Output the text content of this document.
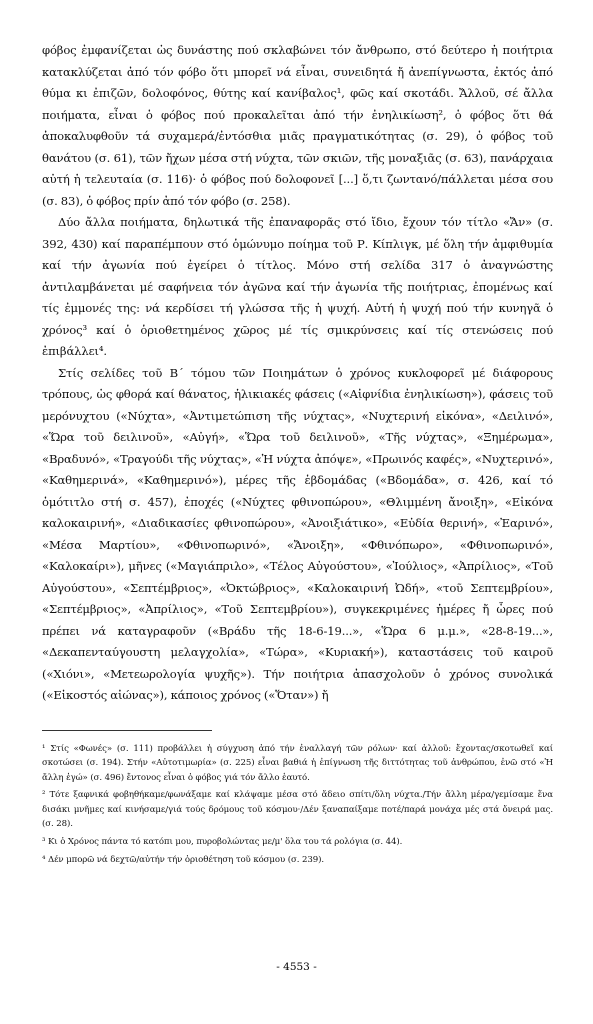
φόβος ἐμφανίζεται ὡς δυνάστης πού σκλαβώνει τόν ἄνθρωπο, στό δεύτερο ἡ ποιήτρια κατακλύζεται ἀπό τόν φόβο ὅτι μπορεῖ νά εἶναι, συνειδητά ἤ ἀνεπίγνωστα, ἐκτός ἀπό θύμα κι ἐπιζῶν, δολοφόνος, θύτης καί κανίβαλος¹, φῶς καί σκοτάδι. Ἄλλοῦ, σέ ἄλλα ποιήματα, εἶναι ὁ φόβος πού προκαλεῖται ἀπό τήν ἐνηλικίωση², ὁ φόβος ὅτι θά ἀποκαλυφθοῦν τά συχαμερά/ἐντόσθια μιᾶς πραγματικότητας (σ. 29), ὁ φόβος τοῦ θανάτου (σ. 61), τῶν ἤχων μέσα στή νύχτα, τῶν σκιῶν, τῆς μοναξιᾶς (σ. 63), πανάρχαια αὐτή ἡ τελευταία (σ. 116)· ὁ φόβος πού δολοφονεῖ [...] ὅ,τι ζωντανό/πάλλεται μέσα σου (σ. 83), ὁ φόβος πρίν ἀπό τόν φόβο (σ. 258).

Δύο ἄλλα ποιήματα, δηλωτικά τῆς ἐπαναφορᾶς στό ἴδιο, ἔχουν τόν τίτλο «Ἄν» (σ. 392, 430) καί παραπέμπουν στό ὁμώνυμο ποίημα τοῦ Ρ. Κίπλιγκ, μέ ὅλη τήν ἀμφιθυμία καί τήν ἀγωνία πού ἐγείρει ὁ τίτλος. Μόνο στή σελίδα 317 ὁ ἀναγνώστης ἀντιλαμβάνεται μέ σαφήνεια τόν ἀγῶνα καί τήν ἀγωνία τῆς ποιήτριας, ἐπομένως καί τίς ἐμμονές της: νά κερδίσει τή γλώσσα τῆς ἡ ψυχή. Αὐτή ἡ ψυχή πού τήν κυνηγᾶ ὁ χρόνος³ καί ὁ ὁριοθετημένος χῶρος μέ τίς σμικρύνσεις καί τίς στενώσεις πού ἐπιβάλλει⁴.

Στίς σελίδες τοῦ Β΄ τόμου τῶν Ποιημάτων ὁ χρόνος κυκλοφορεῖ μέ διάφορους τρόπους, ὡς φθορά καί θάνατος, ἡλικιακές φάσεις («Αἰφνίδια ἐνηλικίωση»), φάσεις τοῦ μερόνυχτου («Νύχτα», «Ἀντιμετώπιση τῆς νύχτας», «Νυχτερινή εἰκόνα», «Δειλινό», «Ὥρα τοῦ δειλινοῦ», «Αὐγή», «Ὥρα τοῦ δειλινοῦ», «Τῆς νύχτας», «Ξημέρωμα», «Βραδυνό», «Τραγούδι τῆς νύχτας», «Ἡ νύχτα ἀπόψε», «Πρωινός καφές», «Νυχτερινό», «Καθημερινά», «Καθημερινό»), μέρες τῆς ἑβδομάδας («Βδομάδα», σ. 426, καί τό ὁμότιτλο στή σ. 457), ἐποχές («Νύχτες φθινοπώρου», «Θλιμμένη ἄνοιξη», «Εἰκόνα καλοκαιρινή», «Διαδικασίες φθινοπώρου», «Ἀνοιξιάτικο», «Εὐδία θερινή», «Ἐαρινό», «Μέσα Μαρτίου», «Φθινοπωρινό», «Ἄνοιξη», «Φθινόπωρο», «Φθινοπωρινό», «Καλοκαίρι»), μῆνες («Μαγιάπριλο», «Τέλος Αὐγούστου», «Ἰούλιος», «Ἀπρίλιος», «Τοῦ Αὐγούστου», «Σεπτέμβριος», «Ὀκτώβριος», «Καλοκαιρινή Ὠδή», «τοῦ Σεπτεμβρίου», «Σεπτέμβριος», «Ἀπρίλιος», «Τοῦ Σεπτεμβρίου»), συγκεκριμένες ἡμέρες ἤ ὧρες πού πρέπει νά καταγραφοῦν («Βράδυ τῆς 18-6-19...», «Ὥρα 6 μ.μ.», «28-8-19...», «Δεκαπενταύγουστη μελαγχολία», «Τώρα», «Κυριακή»), καταστάσεις τοῦ καιροῦ («Χιόνι», «Μετεωρολογία ψυχῆς»). Τήν ποιήτρια ἀπασχολοῦν ὁ χρόνος συνολικά («Εἰκοστός αἰώνας»), κάποιος χρόνος («Ὅταν») ἤ

¹ Στίς «Φωνές» (σ. 111) προβάλλει ἡ σύγχυση ἀπό τήν ἐναλλαγή τῶν ρόλων· καί ἀλλοῦ: ἔχοντας/σκοτωθεῖ καί σκοτώσει (σ. 194). Στήν «Αὐτοτιμωρία» (σ. 225) εἶναι βαθιά ἡ ἐπίγνωση τῆς διττότητας τοῦ ἀνθρώπου, ἐνῶ στό «Ἡ ἄλλη ἐγώ» (σ. 496) ἔντονος εἶναι ὁ φόβος γιά τόν ἄλλο ἑαυτό.

² Τότε ξαφνικά φοβηθήκαμε/φωνάξαμε καί κλάψαμε μέσα στό ἄδειο σπίτι/ὅλη νύχτα./Τήν ἄλλη μέρα/γεμίσαμε ἕνα δισάκι μνῆμες καί κινήσαμε/γιά τούς δρόμους τοῦ κόσμου·/Δέν ξαναπαίξαμε ποτέ/παρά μονάχα μές στά ὄνειρά μας. (σ. 28).

³ Κι ὁ Χρόνος πάντα τό κατόπι μου, πυροβολώντας με/μ' ὅλα του τά ρολόγια (σ. 44).

⁴ Δέν μπορῶ νά δεχτῶ/αὐτήν τήν ὁριοθέτηση τοῦ κόσμου (σ. 239).

- 4553 -
